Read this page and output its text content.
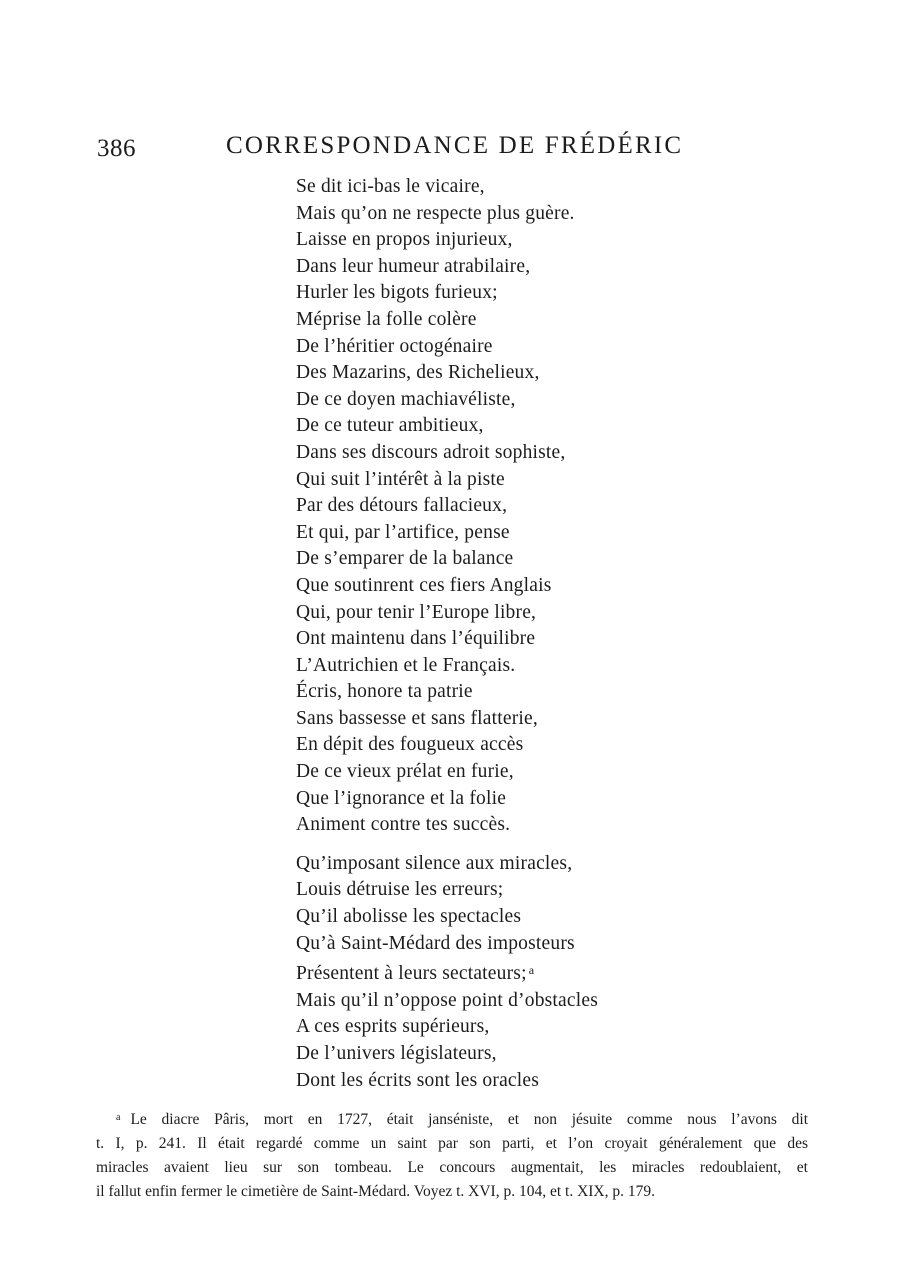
386	CORRESPONDANCE DE FRÉDÉRIC
Se dit ici-bas le vicaire,
Mais qu’on ne respecte plus guère.
Laisse en propos injurieux,
Dans leur humeur atrabilaire,
Hurler les bigots furieux;
Méprise la folle colère
De l’héritier octogénaire
Des Mazarins, des Richelieux,
De ce doyen machiavéliste,
De ce tuteur ambitieux,
Dans ses discours adroit sophiste,
Qui suit l’intérêt à la piste
Par des détours fallacieux,
Et qui, par l’artifice, pense
De s’emparer de la balance
Que soutinrent ces fiers Anglais
Qui, pour tenir l’Europe libre,
Ont maintenu dans l’équilibre
L’Autrichien et le Français.
Écris, honore ta patrie
Sans bassesse et sans flatterie,
En dépit des fougueux accès
De ce vieux prélat en furie,
Que l’ignorance et la folie
Animent contre tes succès.
Qu’imposant silence aux miracles,
Louis détruise les erreurs;
Qu’il abolisse les spectacles
Qu’à Saint-Médard des imposteurs
Présentent à leurs sectateurs; $^a$
Mais qu’il n’oppose point d’obstacles
A ces esprits supérieurs,
De l’univers législateurs,
Dont les écrits sont les oracles
$^a$ Le diacre Pâris, mort en 1727, était janséniste, et non jésuite comme nous l’avons dit
t. I, p. 241. Il était regardé comme un saint par son parti, et l’on croyait généralement que des
miracles avaient lieu sur son tombeau. Le concours augmentait, les miracles redoublaient, et
il fallut enfin fermer le cimetière de Saint-Médard. Voyez t. XVI, p. 104, et t. XIX, p. 179.
